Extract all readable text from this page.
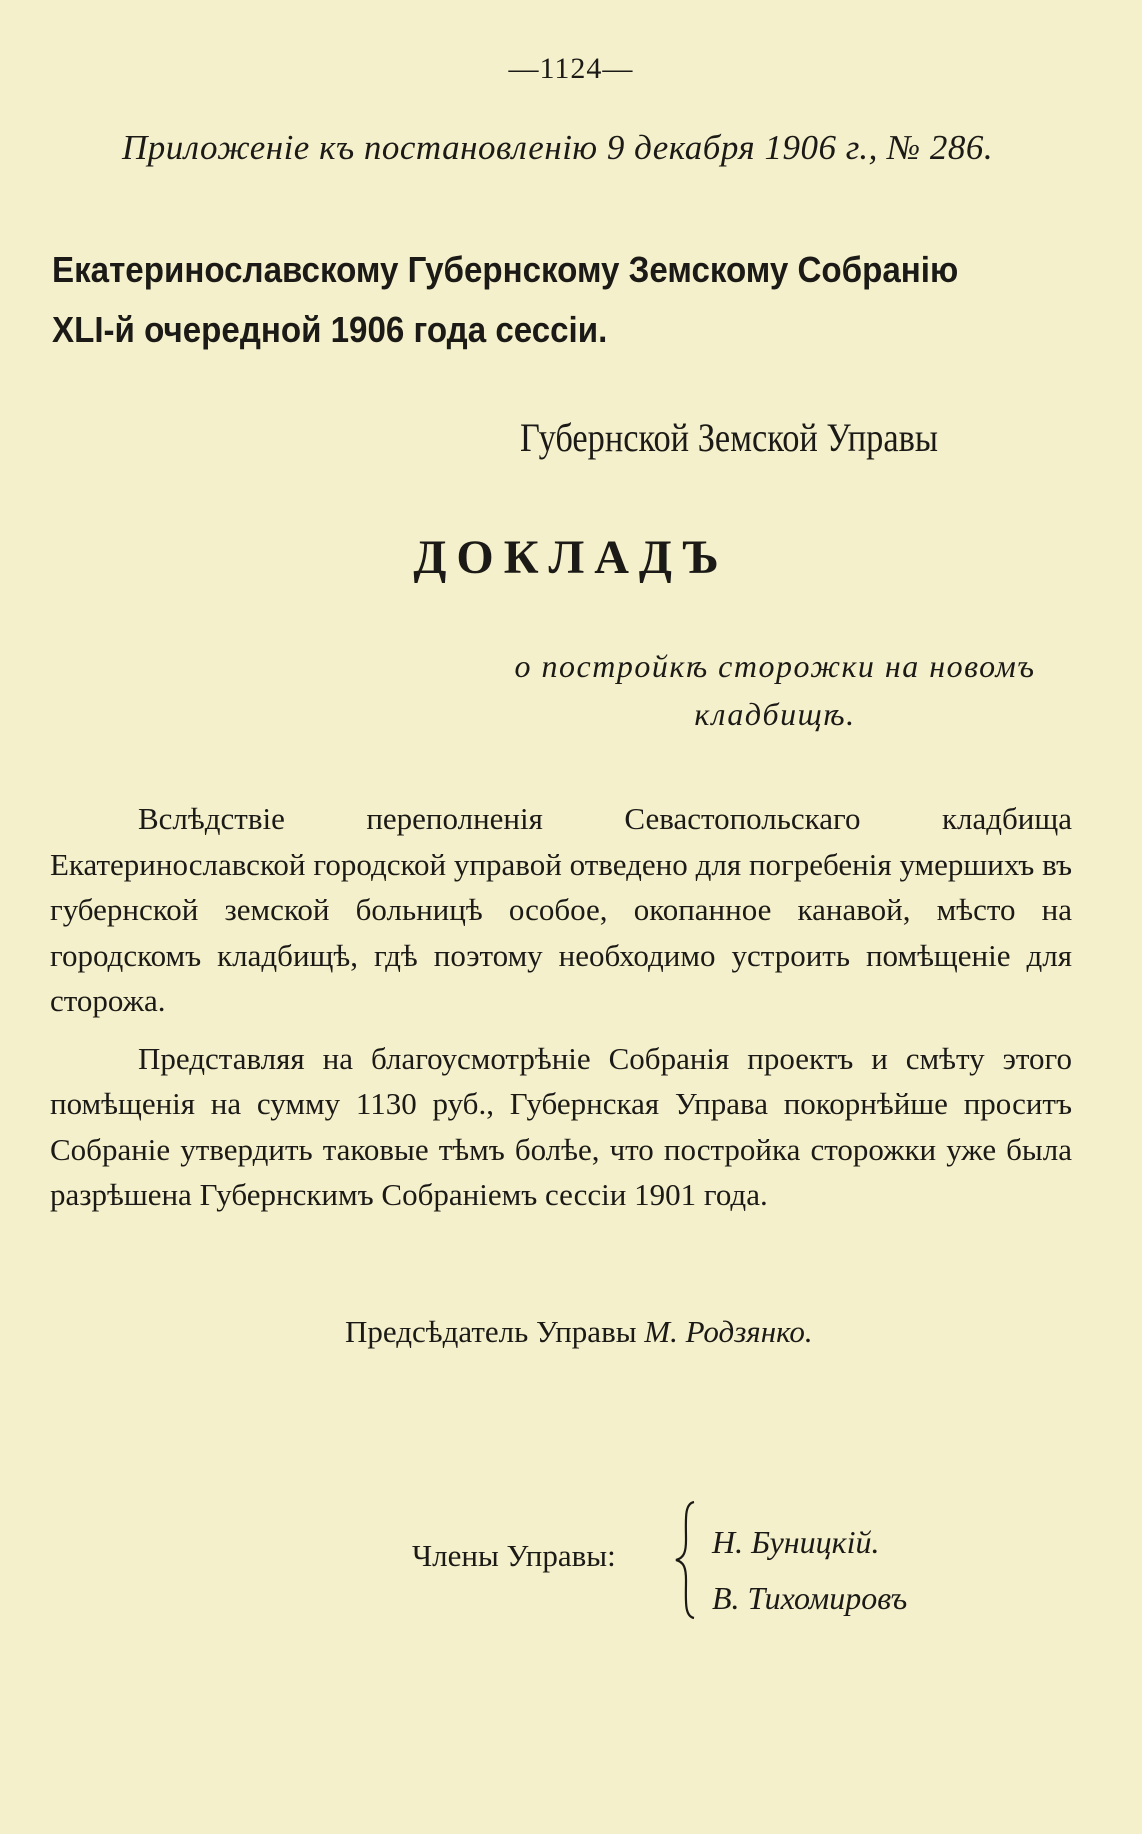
—1124—
Приложеніе къ постановленію 9 декабря 1906 г., № 286.
Екатеринославскому Губернскому Земскому Собранію
XLI-й очередной 1906 года сессіи.
Губернской Земской Управы
ДОКЛАДЪ
о постройкѣ сторожки на новомъ
кладбищѣ.

Вслѣдствіе переполненія Севастопольскаго кладбища Екатеринославской городской управой отведено для погребенія умершихъ въ губернской земской больницѣ особое, окопанное канавой, мѣсто на городскомъ кладбищѣ, гдѣ поэтому необходимо устроить помѣщеніе для сторожа.

Представляя на благоусмотрѣніе Собранія проектъ и смѣту этого помѣщенія на сумму 1130 руб., Губернская Управа покорнѣйше проситъ Собраніе утвердить таковые тѣмъ болѣе, что постройка сторожки уже была разрѣшена Губернскимъ Собраніемъ сессіи 1901 года.

Предсѣдатель Управы М. Родзянко.
Члены Управы:	Н. Буницкій.
В. Тихомировъ
